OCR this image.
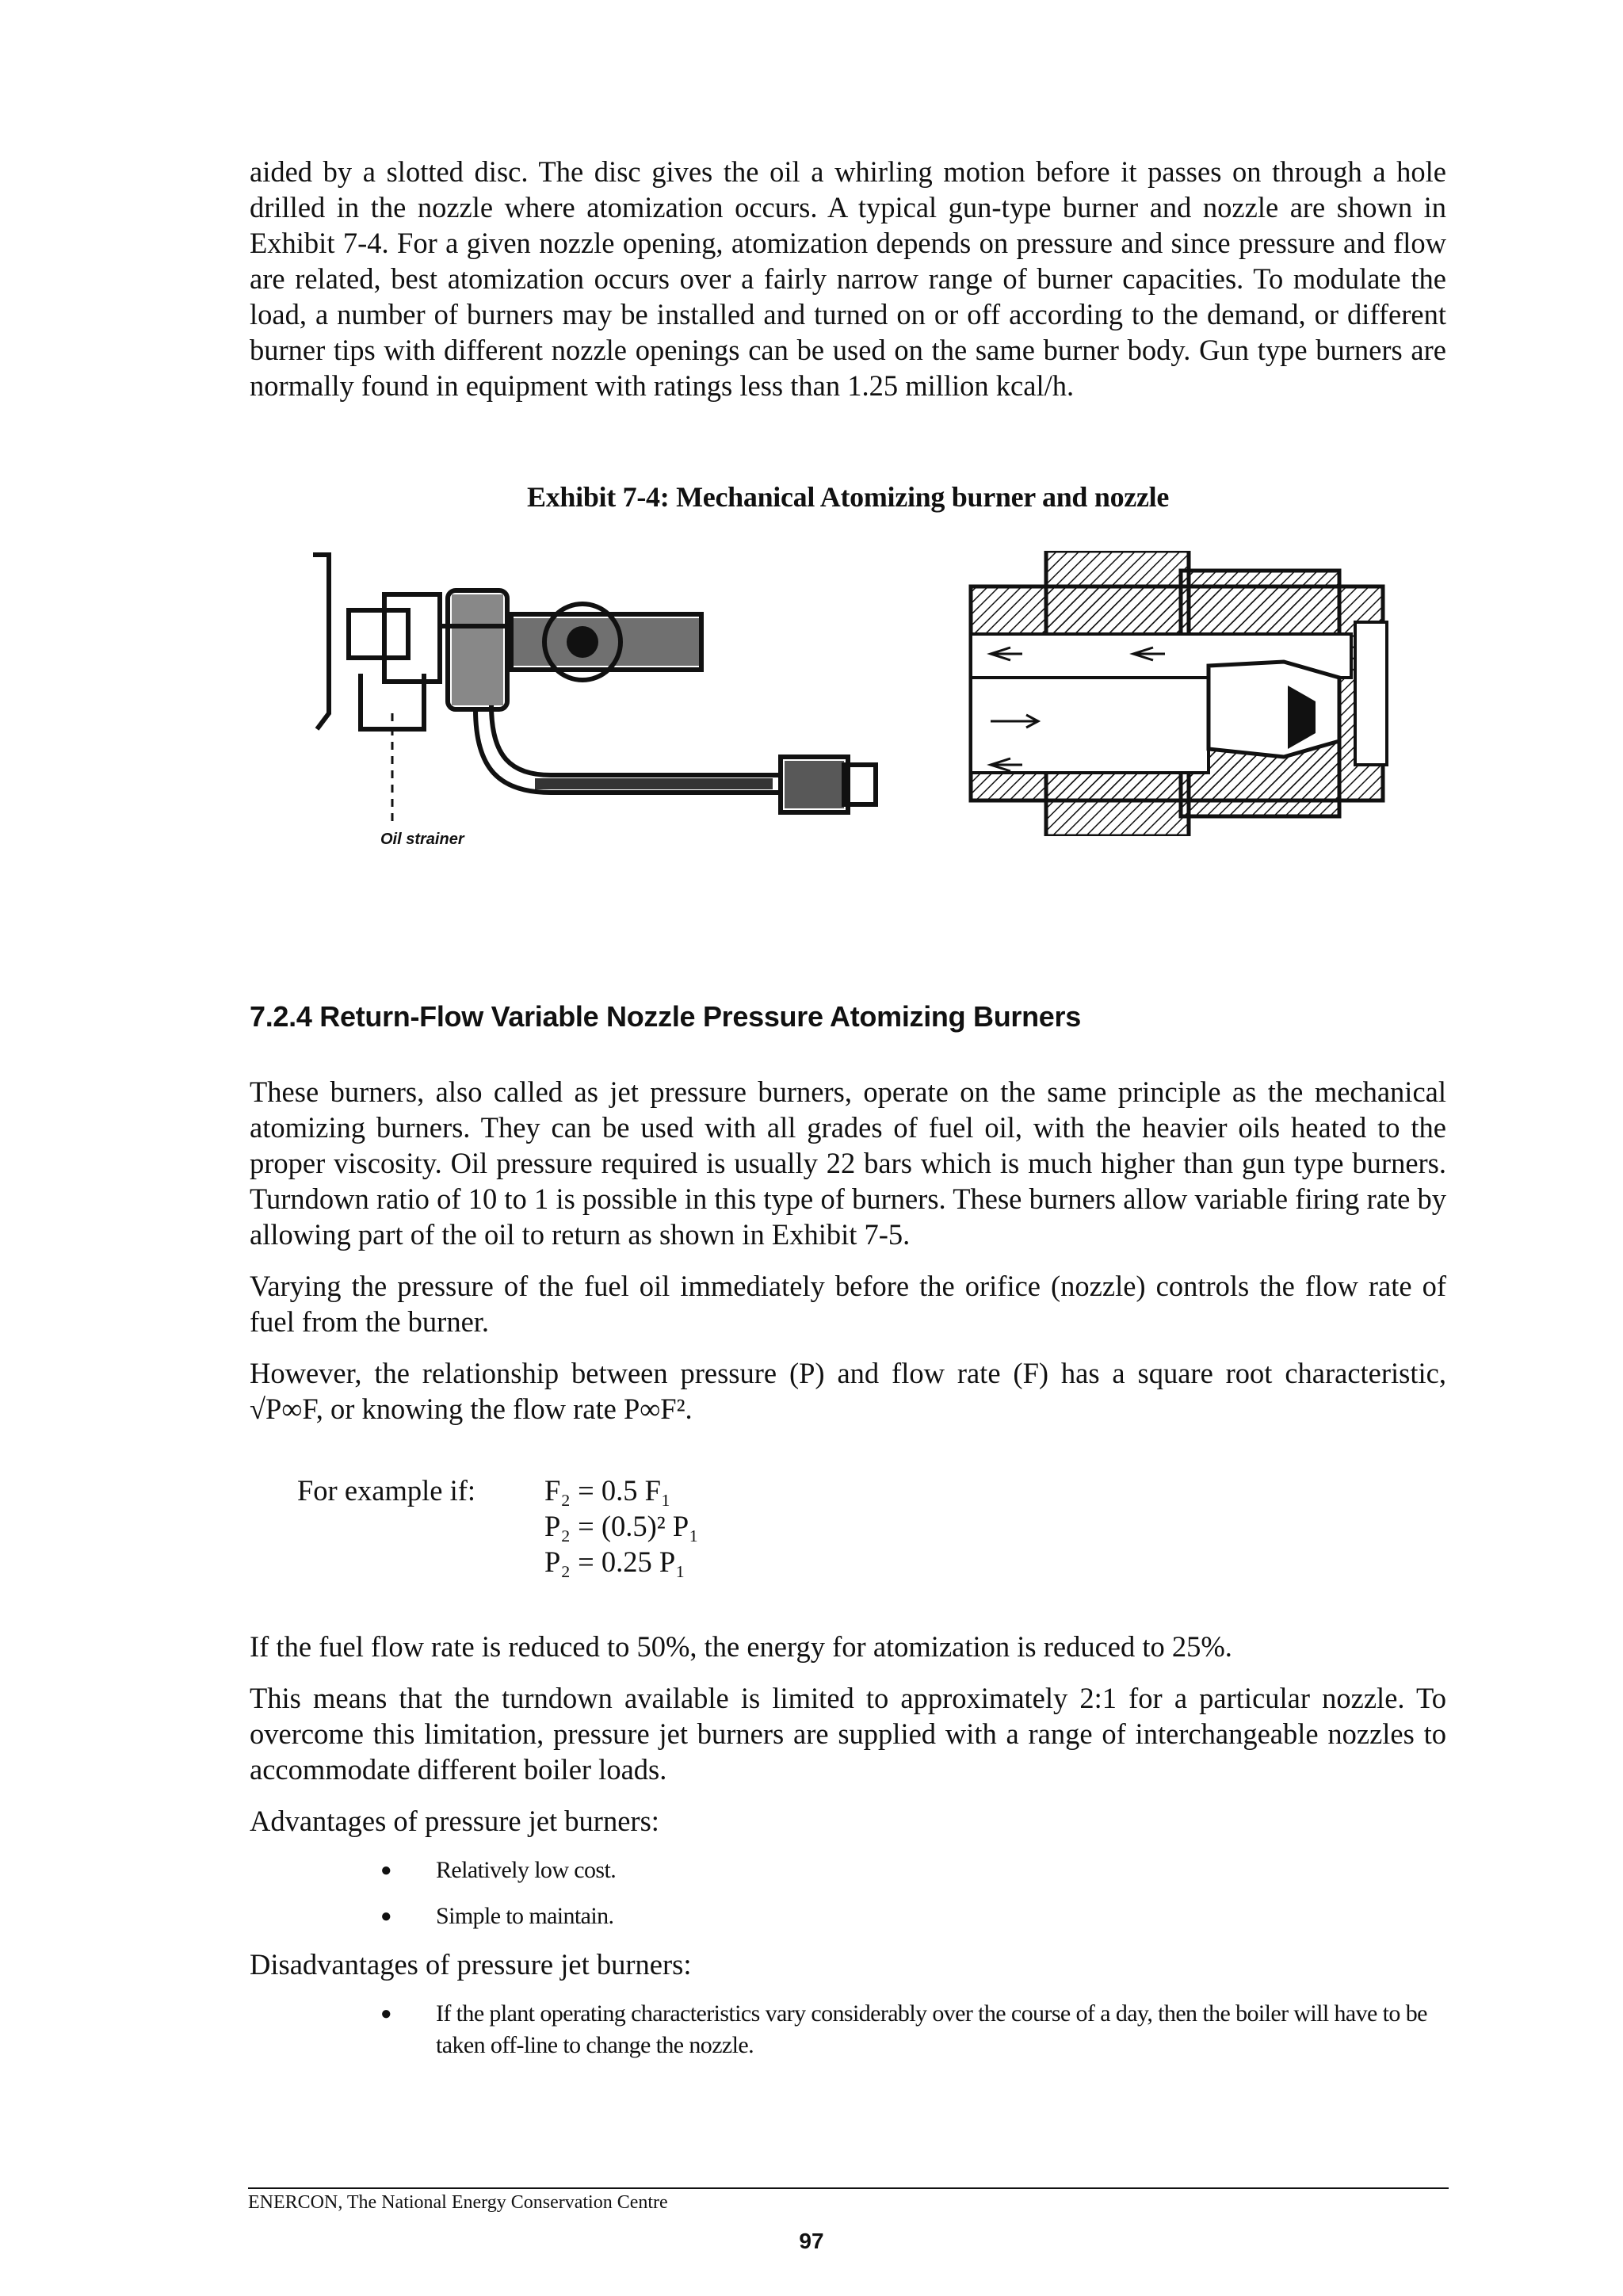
aided by a slotted disc. The disc gives the oil a whirling motion before it passes on through a hole drilled in the nozzle where atomization occurs. A typical gun-type burner and nozzle are shown in Exhibit 7-4. For a given nozzle opening, atomization depends on pressure and since pressure and flow are related, best atomization occurs over a fairly narrow range of burner capacities. To modulate the load, a number of burners may be installed and turned on or off according to the demand, or different burner tips with different nozzle openings can be used on the same burner body. Gun type burners are normally found in equipment with ratings less than 1.25 million kcal/h.

Exhibit 7-4: Mechanical Atomizing burner and nozzle
Oil strainer
7.2.4 Return-Flow Variable Nozzle Pressure Atomizing Burners

These burners, also called as jet pressure burners, operate on the same principle as the mechanical atomizing burners. They can be used with all grades of fuel oil, with the heavier oils heated to the proper viscosity. Oil pressure required is usually 22 bars which is much higher than gun type burners. Turndown ratio of 10 to 1 is possible in this type of burners. These burners allow variable firing rate by allowing part of the oil to return as shown in Exhibit 7-5.

Varying the pressure of the fuel oil immediately before the orifice (nozzle) controls the flow rate of fuel from the burner.

However, the relationship between pressure (P) and flow rate (F) has a square root characteristic, √P∞F, or knowing the flow rate P∞F².

For example if:	F₂ = 0.5 F₁
P₂ = (0.5)² P₁
P₂ = 0.25 P₁

If the fuel flow rate is reduced to 50%, the energy for atomization is reduced to 25%.

This means that the turndown available is limited to approximately 2:1 for a particular nozzle. To overcome this limitation, pressure jet burners are supplied with a range of interchangeable nozzles to accommodate different boiler loads.

Advantages of pressure jet burners:

● Relatively low cost.
● Simple to maintain.

Disadvantages of pressure jet burners:

● If the plant operating characteristics vary considerably over the course of a day, then the boiler will have to be taken off-line to change the nozzle.
ENERCON, The National Energy Conservation Centre
97
